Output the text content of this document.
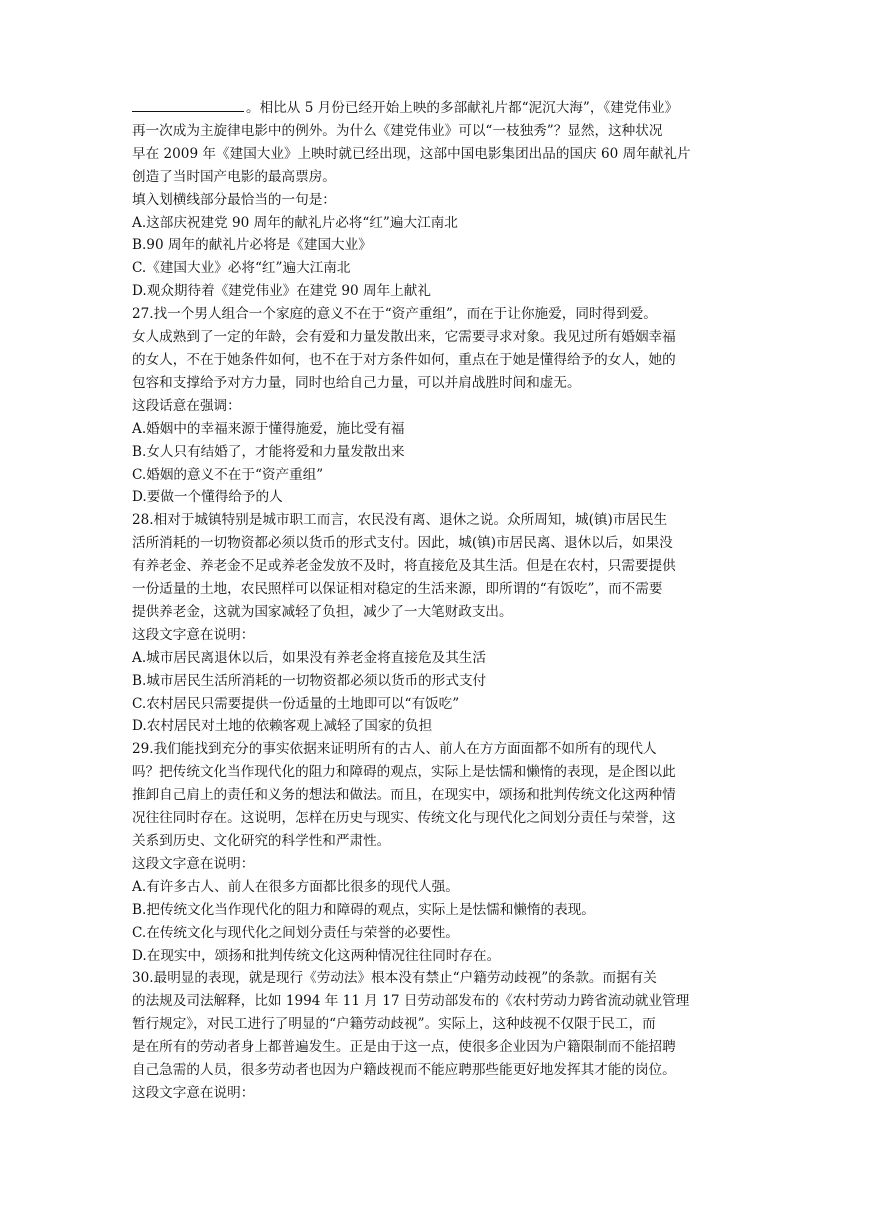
。相比从 5 月份已经开始上映的多部献礼片都“泥沉大海”，《建党伟业》
再一次成为主旋律电影中的例外。为什么《建党伟业》可以“一枝独秀”？显然，这种状况
早在 2009 年《建国大业》上映时就已经出现，这部中国电影集团出品的国庆 60 周年献礼片
创造了当时国产电影的最高票房。
填入划横线部分最恰当的一句是：
A.这部庆祝建党 90 周年的献礼片必将“红”遍大江南北
B.90 周年的献礼片必将是《建国大业》
C.《建国大业》必将“红”遍大江南北
D.观众期待着《建党伟业》在建党 90 周年上献礼
27.找一个男人组合一个家庭的意义不在于“资产重组”，而在于让你施爱，同时得到爱。
女人成熟到了一定的年龄，会有爱和力量发散出来，它需要寻求对象。我见过所有婚姻幸福
的女人，不在于她条件如何，也不在于对方条件如何，重点在于她是懂得给予的女人，她的
包容和支撑给予对方力量，同时也给自己力量，可以并肩战胜时间和虚无。
这段话意在强调：
A.婚姻中的幸福来源于懂得施爱，施比受有福
B.女人只有结婚了，才能将爱和力量发散出来
C.婚姻的意义不在于“资产重组”
D.要做一个懂得给予的人
28.相对于城镇特别是城市职工而言，农民没有离、退休之说。众所周知，城(镇)市居民生
活所消耗的一切物资都必须以货币的形式支付。因此，城(镇)市居民离、退休以后，如果没
有养老金、养老金不足或养老金发放不及时，将直接危及其生活。但是在农村，只需要提供
一份适量的土地，农民照样可以保证相对稳定的生活来源，即所谓的“有饭吃”，而不需要
提供养老金，这就为国家减轻了负担，减少了一大笔财政支出。
这段文字意在说明：
A.城市居民离退休以后，如果没有养老金将直接危及其生活
B.城市居民生活所消耗的一切物资都必须以货币的形式支付
C.农村居民只需要提供一份适量的土地即可以“有饭吃”
D.农村居民对土地的依赖客观上减轻了国家的负担
29.我们能找到充分的事实依据来证明所有的古人、前人在方方面面都不如所有的现代人
吗？把传统文化当作现代化的阻力和障碍的观点，实际上是怯懦和懒惰的表现，是企图以此
推卸自己肩上的责任和义务的想法和做法。而且，在现实中，颂扬和批判传统文化这两种情
况往往同时存在。这说明，怎样在历史与现实、传统文化与现代化之间划分责任与荣誉，这
关系到历史、文化研究的科学性和严肃性。
这段文字意在说明：
A.有许多古人、前人在很多方面都比很多的现代人强。
B.把传统文化当作现代化的阻力和障碍的观点，实际上是怯懦和懒惰的表现。
C.在传统文化与现代化之间划分责任与荣誉的必要性。
D.在现实中，颂扬和批判传统文化这两种情况往往同时存在。
30.最明显的表现，就是现行《劳动法》根本没有禁止“户籍劳动歧视”的条款。而据有关
的法规及司法解释，比如 1994 年 11 月 17 日劳动部发布的《农村劳动力跨省流动就业管理
暂行规定》，对民工进行了明显的“户籍劳动歧视”。实际上，这种歧视不仅限于民工，而
是在所有的劳动者身上都普遍发生。正是由于这一点，使很多企业因为户籍限制而不能招聘
自己急需的人员，很多劳动者也因为户籍歧视而不能应聘那些能更好地发挥其才能的岗位。
这段文字意在说明：
